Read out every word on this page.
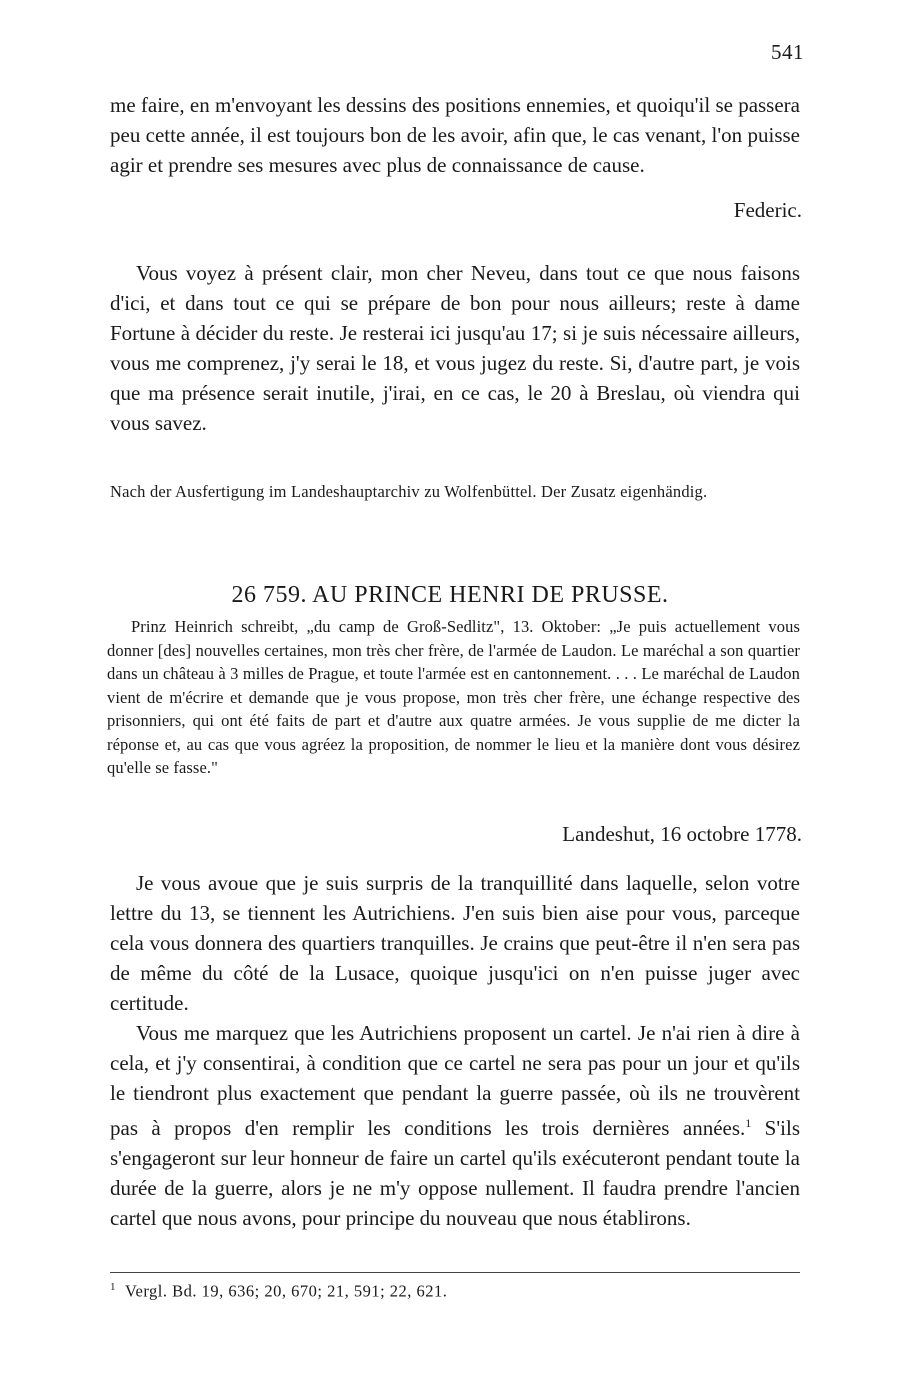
541

me faire, en m'envoyant les dessins des positions ennemies, et quoiqu'il se passera peu cette année, il est toujours bon de les avoir, afin que, le cas venant, l'on puisse agir et prendre ses mesures avec plus de connaissance de cause.

Federic.

Vous voyez à présent clair, mon cher Neveu, dans tout ce que nous faisons d'ici, et dans tout ce qui se prépare de bon pour nous ailleurs; reste à dame Fortune à décider du reste. Je resterai ici jusqu'au 17; si je suis nécessaire ailleurs, vous me comprenez, j'y serai le 18, et vous jugez du reste. Si, d'autre part, je vois que ma présence serait inutile, j'irai, en ce cas, le 20 à Breslau, où viendra qui vous savez.

Nach der Ausfertigung im Landeshauptarchiv zu Wolfenbüttel. Der Zusatz eigenhändig.

26 759. AU PRINCE HENRI DE PRUSSE.

Prinz Heinrich schreibt, „du camp de Groß-Sedlitz", 13. Oktober: „Je puis actuellement vous donner [des] nouvelles certaines, mon très cher frère, de l'armée de Laudon. Le maréchal a son quartier dans un château à 3 milles de Prague, et toute l'armée est en cantonnement. . . . Le maréchal de Laudon vient de m'écrire et demande que je vous propose, mon très cher frère, une échange respective des prisonniers, qui ont été faits de part et d'autre aux quatre armées. Je vous supplie de me dicter la réponse et, au cas que vous agréez la proposition, de nommer le lieu et la manière dont vous désirez qu'elle se fasse."

Landeshut, 16 octobre 1778.

Je vous avoue que je suis surpris de la tranquillité dans laquelle, selon votre lettre du 13, se tiennent les Autrichiens. J'en suis bien aise pour vous, parceque cela vous donnera des quartiers tranquilles. Je crains que peut-être il n'en sera pas de même du côté de la Lusace, quoique jusqu'ici on n'en puisse juger avec certitude.

Vous me marquez que les Autrichiens proposent un cartel. Je n'ai rien à dire à cela, et j'y consentirai, à condition que ce cartel ne sera pas pour un jour et qu'ils le tiendront plus exactement que pendant la guerre passée, où ils ne trouvèrent pas à propos d'en remplir les conditions les trois dernières années.$^1$ S'ils s'engageront sur leur honneur de faire un cartel qu'ils exécuteront pendant toute la durée de la guerre, alors je ne m'y oppose nullement. Il faudra prendre l'ancien cartel que nous avons, pour principe du nouveau que nous établirons.

$^1$ Vergl. Bd. 19, 636; 20, 670; 21, 591; 22, 621.
